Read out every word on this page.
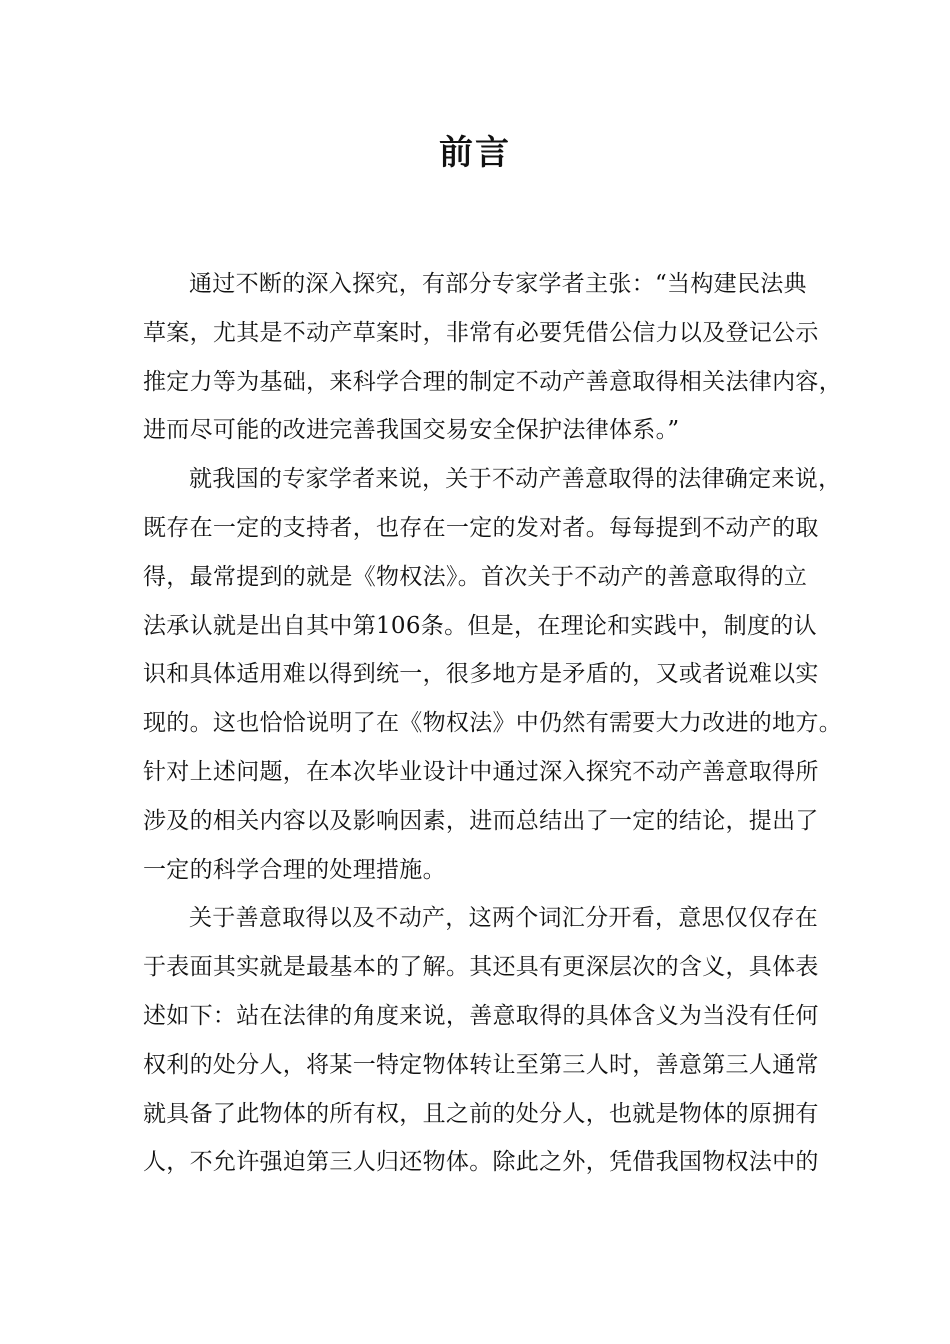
前言
通过不断的深入探究，有部分专家学者主张：“当构建民法典
草案，尤其是不动产草案时，非常有必要凭借公信力以及登记公示
推定力等为基础，来科学合理的制定不动产善意取得相关法律内容，
进而尽可能的改进完善我国交易安全保护法律体系。”
就我国的专家学者来说，关于不动产善意取得的法律确定来说，
既存在一定的支持者，也存在一定的发对者。每每提到不动产的取
得，最常提到的就是《物权法》。首次关于不动产的善意取得的立
法承认就是出自其中第106条。但是，在理论和实践中，制度的认
识和具体适用难以得到统一，很多地方是矛盾的，又或者说难以实
现的。这也恰恰说明了在《物权法》中仍然有需要大力改进的地方。
针对上述问题，在本次毕业设计中通过深入探究不动产善意取得所
涉及的相关内容以及影响因素，进而总结出了一定的结论，提出了
一定的科学合理的处理措施。
关于善意取得以及不动产，这两个词汇分开看，意思仅仅存在
于表面其实就是最基本的了解。其还具有更深层次的含义，具体表
述如下：站在法律的角度来说，善意取得的具体含义为当没有任何
权利的处分人，将某一特定物体转让至第三人时，善意第三人通常
就具备了此物体的所有权，且之前的处分人，也就是物体的原拥有
人，不允许强迫第三人归还物体。除此之外，凭借我国物权法中的
